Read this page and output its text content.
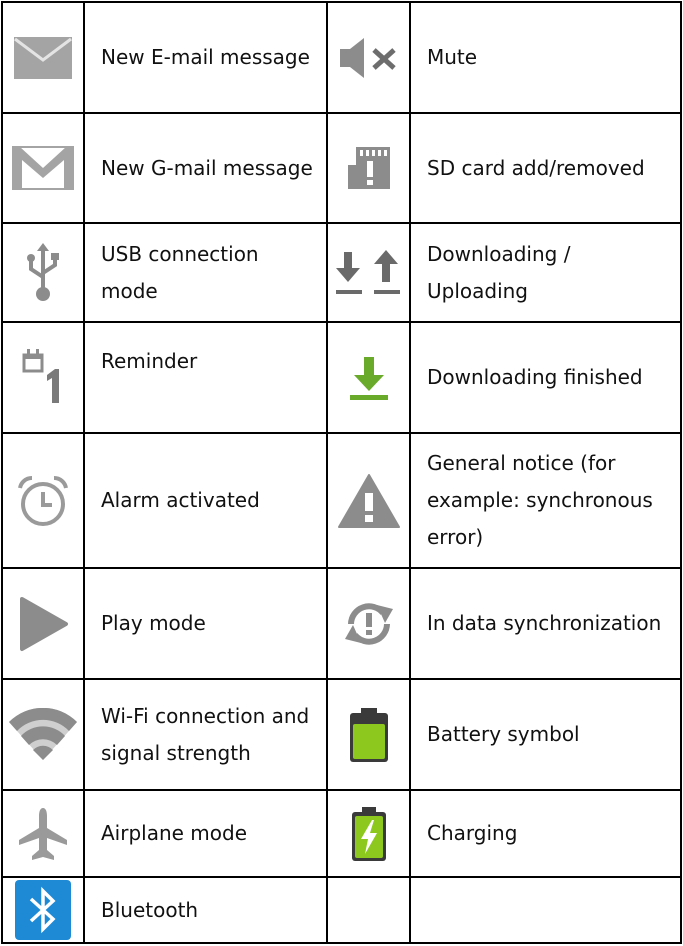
	New E-mail message		Mute

	New G-mail message		SD card add/removed

	USB connection mode		Downloading / Uploading

	Reminder		Downloading finished

	Alarm activated		General notice (for example: synchronous error)

	Play mode		In data synchronization

	Wi-Fi connection and signal strength		Battery symbol

	Airplane mode		Charging

	Bluetooth		
